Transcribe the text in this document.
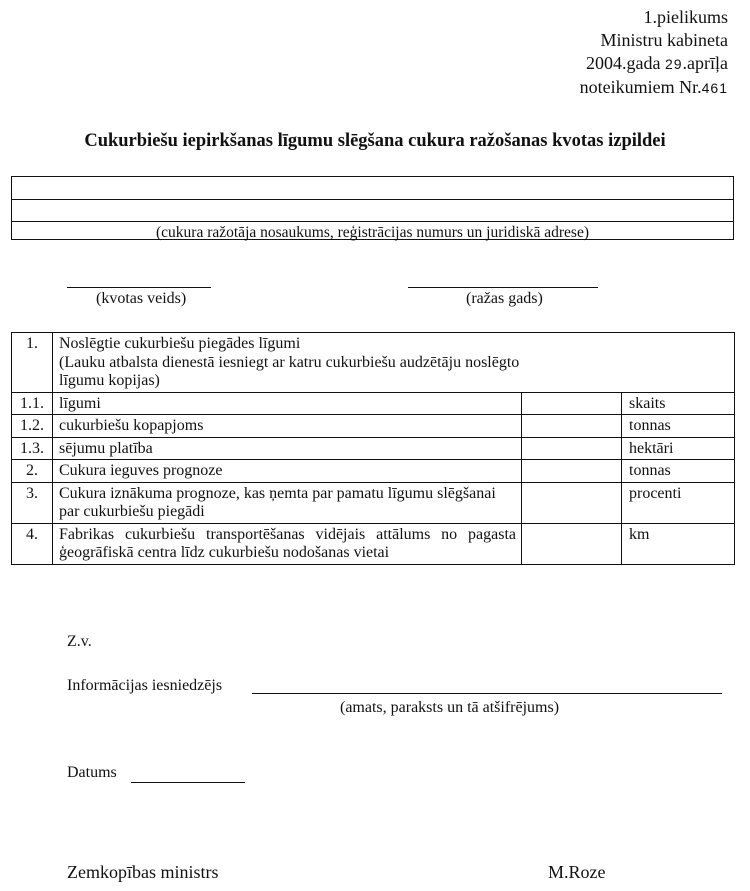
1.pielikums
Ministru kabineta
2004.gada 29.aprīļa
noteikumiem Nr.461
Cukurbiešu iepirkšanas līgumu slēgšana cukura ražošanas kvotas izpildei
(cukura ražotāja nosaukums, reģistrācijas numurs un juridiskā adrese)
(kvotas veids)	(ražas gads)
1.	Noslēgtie cukurbiešu piegādes līgumi
(Lauku atbalsta dienestā iesniegt ar katru cukurbiešu audzētāju noslēgto
līgumu kopijas)		

1.1.	līgumi		skaits
1.2.	cukurbiešu kopapjoms		tonnas
1.3.	sējumu platība		hektāri
2.	Cukura ieguves prognoze		tonnas
3.	Cukura iznākuma prognoze, kas ņemta par pamatu līgumu slēgšanai par cukurbiešu piegādi		procenti
4.	Fabrikas cukurbiešu transportēšanas vidējais attālums no pagasta ģeogrāfiskā centra līdz cukurbiešu nodošanas vietai		km
Z.v.
Informācijas iesniedzējs
(amats, paraksts un tā atšifrējums)
Datums
Zemkopības ministrs	M.Roze
